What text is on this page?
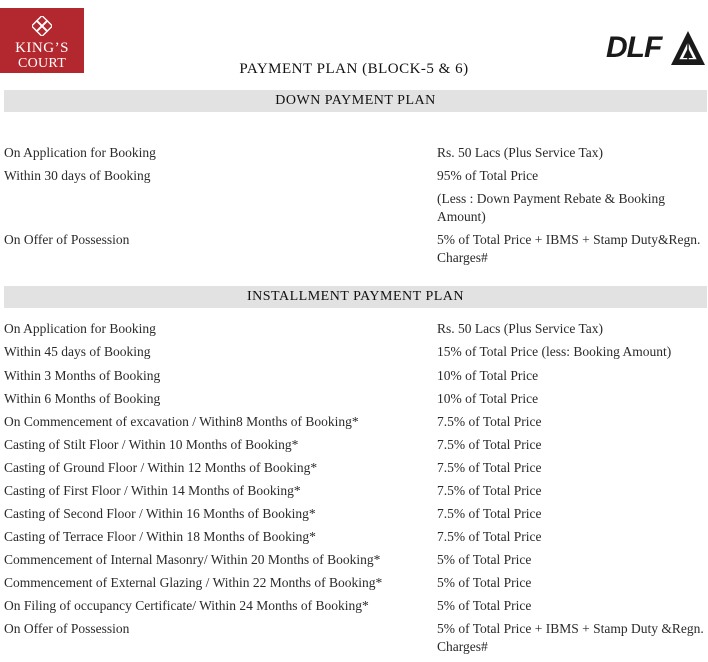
KING’S
COURT	DLF
PAYMENT PLAN (BLOCK-5 & 6)
DOWN PAYMENT PLAN
On Application for Booking	Rs. 50 Lacs (Plus Service Tax)
Within 30 days of Booking	95% of Total Price
(Less : Down Payment Rebate & Booking Amount)
On Offer of Possession	5% of Total Price + IBMS + Stamp Duty&Regn. Charges#
INSTALLMENT PAYMENT PLAN
On Application for Booking	Rs. 50 Lacs (Plus Service Tax)
Within 45 days of Booking	15% of Total Price (less: Booking Amount)
Within 3 Months of Booking	10% of Total Price
Within 6 Months of Booking	10% of Total Price
On Commencement of excavation / Within8 Months of Booking*	7.5% of Total Price
Casting of Stilt Floor / Within 10 Months of Booking*	7.5% of Total Price
Casting of Ground Floor / Within 12 Months of Booking*	7.5% of Total Price
Casting of First Floor / Within 14 Months of Booking*	7.5% of Total Price
Casting of Second Floor / Within 16 Months of Booking*	7.5% of Total Price
Casting of Terrace Floor / Within 18 Months of Booking*	7.5% of Total Price
Commencement of Internal Masonry/ Within 20 Months of Booking*	5% of Total Price
Commencement of External Glazing / Within 22 Months of Booking*	5% of Total Price
On Filing of occupancy Certificate/ Within 24 Months of Booking*	5% of Total Price
On Offer of Possession	5% of Total Price + IBMS + Stamp Duty &Regn. Charges#
